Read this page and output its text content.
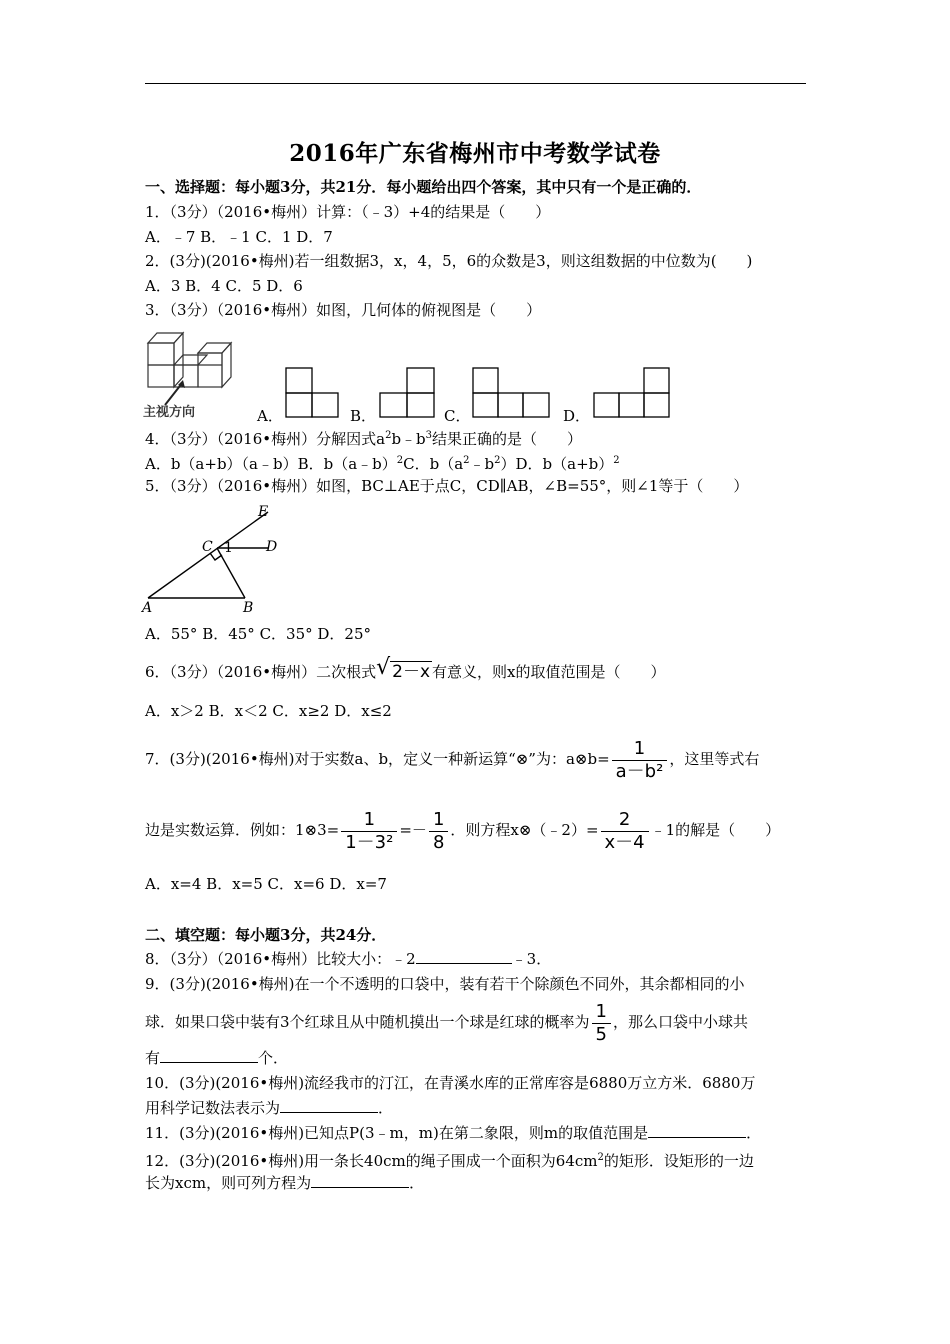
2016年广东省梅州市中考数学试卷
一、选择题：每小题3分，共21分．每小题给出四个答案，其中只有一个是正确的．
1．（3分）（2016•梅州）计算：（﹣3）+4的结果是（　　）
A．﹣7 B．﹣1 C．1 D．7
2．(3分)(2016•梅州)若一组数据3，x，4，5，6的众数是3，则这组数据的中位数为(　　)
A．3 B．4 C．5 D．6
3．（3分）（2016•梅州）如图，几何体的俯视图是（　　）
主视方向	A．	B．	C．	D．
4．（3分）（2016•梅州）分解因式$a^2b﹣b^3$结果正确的是（　　）
A．b（a+b）（a﹣b）B．b（a﹣b）$^2$C．$b(a^2﹣b^2)D$．$b(a+b)^2$
5．（3分）（2016•梅州）如图，BC⊥AE于点C，CD∥AB，∠B=55°，则∠1等于（　　）
E
C 1 D
A	B
A．55° B．45° C．35° D．25°
6．（3分）（2016•梅州）二次根式 √ 2－x 有意义，则x的取值范围是（　　）
A．x＞2 B．x＜2 C．x≥2 D．x≤2
7．(3分)(2016•梅州)对于实数a、b，定义一种新运算“⊗”为：a⊗b= $\frac{1}{\text{a－b²}}$ ，这里等式右
边是实数运算．例如：1⊗3= $\frac{1}{\text{1－3²}} =- \frac{1}{8}$ ．则方程x⊗（﹣2）= $\frac{2}{x-4}$ ﹣1的解是（　　）
A．x=4 B．x=5 C．x=6 D．x=7
二、填空题：每小题3分，共24分．
8．（3分）（2016•梅州）比较大小：﹣2	﹣3．
9．(3分)(2016•梅州)在一个不透明的口袋中，装有若干个除颜色不同外，其余都相同的小
球．如果口袋中装有3个红球且从中随机摸出一个球是红球的概率为 $\frac{1}{5}$ ，那么口袋中小球共
有	个．
10．(3分)(2016•梅州)流经我市的汀江，在青溪水库的正常库容是6880万立方米．6880万
用科学记数法表示为	．
11．(3分)(2016•梅州)已知点P(3﹣m，m)在第二象限，则m的取值范围是	．
12．(3分)(2016•梅州)用一条长40cm的绳子围成一个面积为$64cm^2$的矩形．设矩形的一边
长为xcm，则可列方程为	．
